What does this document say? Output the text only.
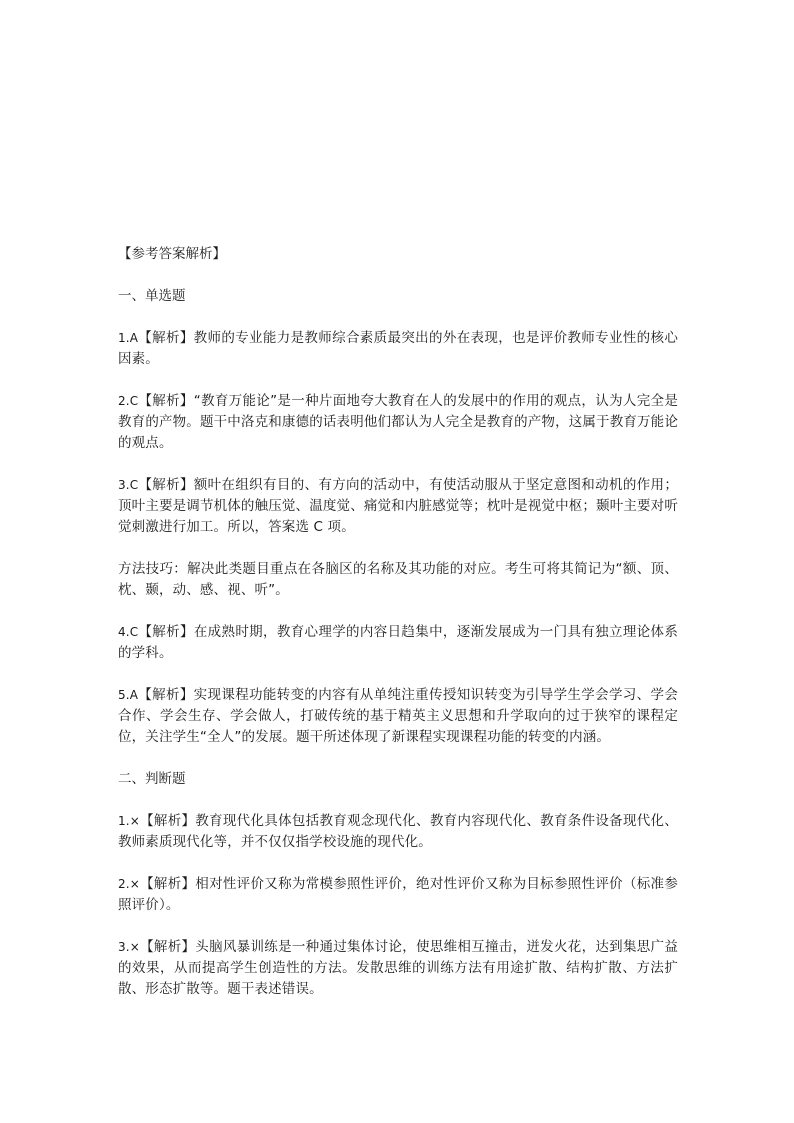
【参考答案解析】

一、单选题

1.A【解析】教师的专业能力是教师综合素质最突出的外在表现，也是评价教师专业性的核心因素。

2.C【解析】“教育万能论”是一种片面地夸大教育在人的发展中的作用的观点，认为人完全是教育的产物。题干中洛克和康德的话表明他们都认为人完全是教育的产物，这属于教育万能论的观点。

3.C【解析】额叶在组织有目的、有方向的活动中，有使活动服从于坚定意图和动机的作用；顶叶主要是调节机体的触压觉、温度觉、痛觉和内脏感觉等；枕叶是视觉中枢；颞叶主要对听觉刺激进行加工。所以，答案选 C 项。

方法技巧：解决此类题目重点在各脑区的名称及其功能的对应。考生可将其简记为“额、顶、枕、颞，动、感、视、听”。

4.C【解析】在成熟时期，教育心理学的内容日趋集中，逐渐发展成为一门具有独立理论体系的学科。

5.A【解析】实现课程功能转变的内容有从单纯注重传授知识转变为引导学生学会学习、学会合作、学会生存、学会做人，打破传统的基于精英主义思想和升学取向的过于狭窄的课程定位，关注学生“全人”的发展。题干所述体现了新课程实现课程功能的转变的内涵。

二、判断题

1.×【解析】教育现代化具体包括教育观念现代化、教育内容现代化、教育条件设备现代化、教师素质现代化等，并不仅仅指学校设施的现代化。

2.×【解析】相对性评价又称为常模参照性评价，绝对性评价又称为目标参照性评价（标准参照评价）。

3.×【解析】头脑风暴训练是一种通过集体讨论，使思维相互撞击，迸发火花，达到集思广益的效果，从而提高学生创造性的方法。发散思维的训练方法有用途扩散、结构扩散、方法扩散、形态扩散等。题干表述错误。
